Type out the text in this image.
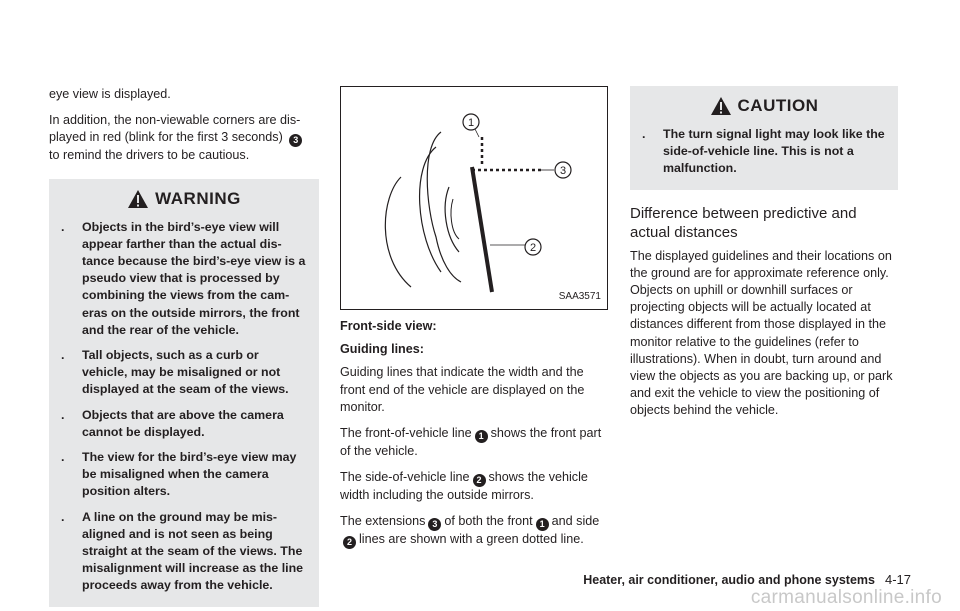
eye view is displayed.

In addition, the non-viewable corners are dis-played in red (blink for the first 3 seconds) 3 to remind the drivers to be cautious.

WARNING
. Objects in the bird’s-eye view will appear farther than the actual dis-tance because the bird’s-eye view is a pseudo view that is processed by combining the views from the cam-eras on the outside mirrors, the front and the rear of the vehicle.
. Tall objects, such as a curb or vehicle, may be misaligned or not displayed at the seam of the views.
. Objects that are above the camera cannot be displayed.
. The view for the bird’s-eye view may be misaligned when the camera position alters.
. A line on the ground may be mis-aligned and is not seen as being straight at the seam of the views. The misalignment will increase as the line proceeds away from the vehicle.
1
3
2
SAA3571

Front-side view:

Guiding lines:

Guiding lines that indicate the width and the front end of the vehicle are displayed on the monitor.

The front-of-vehicle line 1 shows the front part of the vehicle.

The side-of-vehicle line 2 shows the vehicle width including the outside mirrors.

The extensions 3 of both the front 1 and side2 lines are shown with a green dotted line.

CAUTION
. The turn signal light may look like the side-of-vehicle line. This is not a malfunction.
Difference between predictive and actual distances

The displayed guidelines and their locations on the ground are for approximate reference only. Objects on uphill or downhill surfaces or projecting objects will be actually located at distances different from those displayed in the monitor relative to the guidelines (refer to illustrations). When in doubt, turn around and view the objects as you are backing up, or park and exit the vehicle to view the positioning of objects behind the vehicle.

Heater, air conditioner, audio and phone systems 4-17
carmanualsonline.info
